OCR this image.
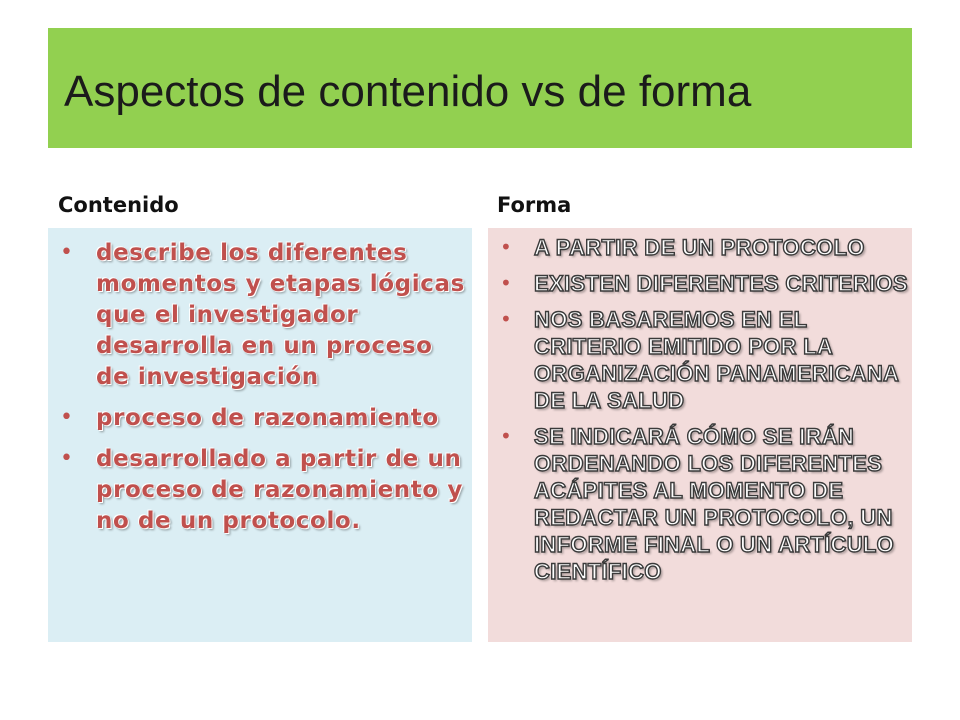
Aspectos de contenido vs de forma
Contenido	Forma
• describe los diferentes momentos y etapas lógicas que el investigador desarrolla en un proceso de investigación
• proceso de razonamiento
• desarrollado a partir de un proceso de razonamiento y no de un protocolo.
• A PARTIR DE UN PROTOCOLO
• EXISTEN DIFERENTES CRITERIOS
• NOS BASAREMOS EN EL CRITERIO EMITIDO POR LA ORGANIZACIÓN PANAMERICANA DE LA SALUD
• SE INDICARÁ CÓMO SE IRÁN ORDENANDO LOS DIFERENTES ACÁPITES AL MOMENTO DE REDACTAR UN PROTOCOLO, UN INFORME FINAL O UN ARTÍCULO CIENTÍFICO
